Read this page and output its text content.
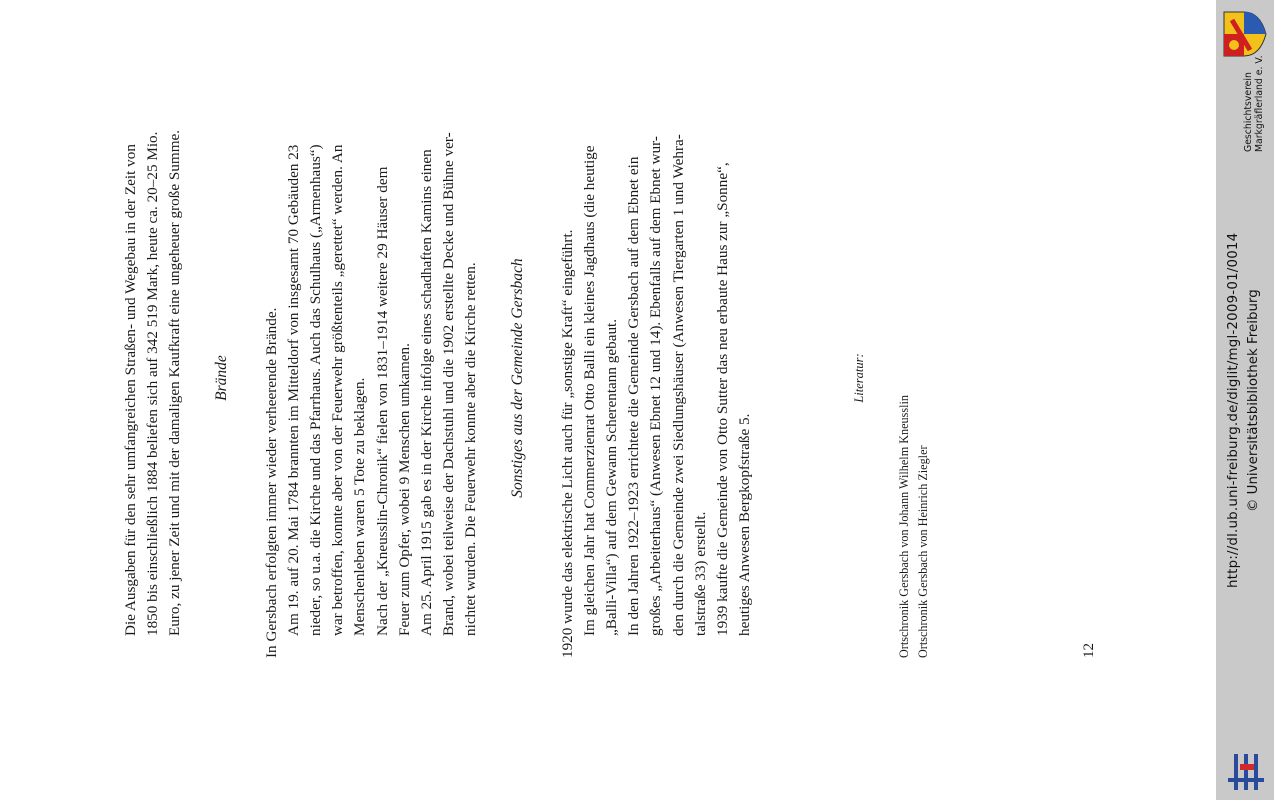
Die Ausgaben für den sehr umfangreichen Straßen- und Wegebau in der Zeit von 1850 bis einschließlich 1884 beliefen sich auf 342 519 Mark, heute ca. 20–25 Mio. Euro, zu jener Zeit und mit der damaligen Kaufkraft eine ungeheuer große Summe. Brände In Gersbach erfolgten immer wieder verheerende Brände. Am 19. auf 20. Mai 1784 brannten im Mitteldorf von insgesamt 70 Gebäuden 23 nieder, so u.a. die Kirche und das Pfarrhaus. Auch das Schulhaus („Armenhaus“) war betroffen, konnte aber von der Feuerwehr größtenteils „gerettet“ werden. An Menschenleben waren 5 Tote zu beklagen. Nach der „Kneusslin-Chronik“ fielen von 1831–1914 weitere 29 Häuser dem Feuer zum Opfer, wobei 9 Menschen umkamen. Am 25. April 1915 gab es in der Kirche infolge eines schadhaften Kamins einen Brand, wobei teilweise der Dachstuhl und die 1902 erstellte Decke und Bühne ver- nichtet wurden. Die Feuerwehr konnte aber die Kirche retten. Sonstiges aus der Gemeinde Gersbach 1920 wurde das elektrische Licht auch für „sonstige Kraft“ eingeführt. Im gleichen Jahr hat Commerzienrat Otto Balli ein kleines Jagdhaus (die heutige „Balli-Villa“) auf dem Gewann Scherentann gebaut. In den Jahren 1922–1923 errichtete die Gemeinde Gersbach auf dem Ebnet ein großes „Arbeiterhaus“ (Anwesen Ebnet 12 und 14). Ebenfalls auf dem Ebnet wur- den durch die Gemeinde zwei Siedlungshäuser (Anwesen Tiergarten 1 und Wehra- talstraße 33) erstellt. 1939 kaufte die Gemeinde von Otto Sutter das neu erbaute Haus zur „Sonne“, heutiges Anwesen Bergkopfstraße 5.

Literatur:

Ortschronik Gersbach von Johann Wilhelm Kneusslin Ortschronik Gersbach von Heinrich Ziegler	12
http://dl.ub.uni-freiburg.de/diglit/mgl-2009-01/0014 © Universitätsbibliothek Freiburg
Geschichtsverein Markgräflerland e. V.
